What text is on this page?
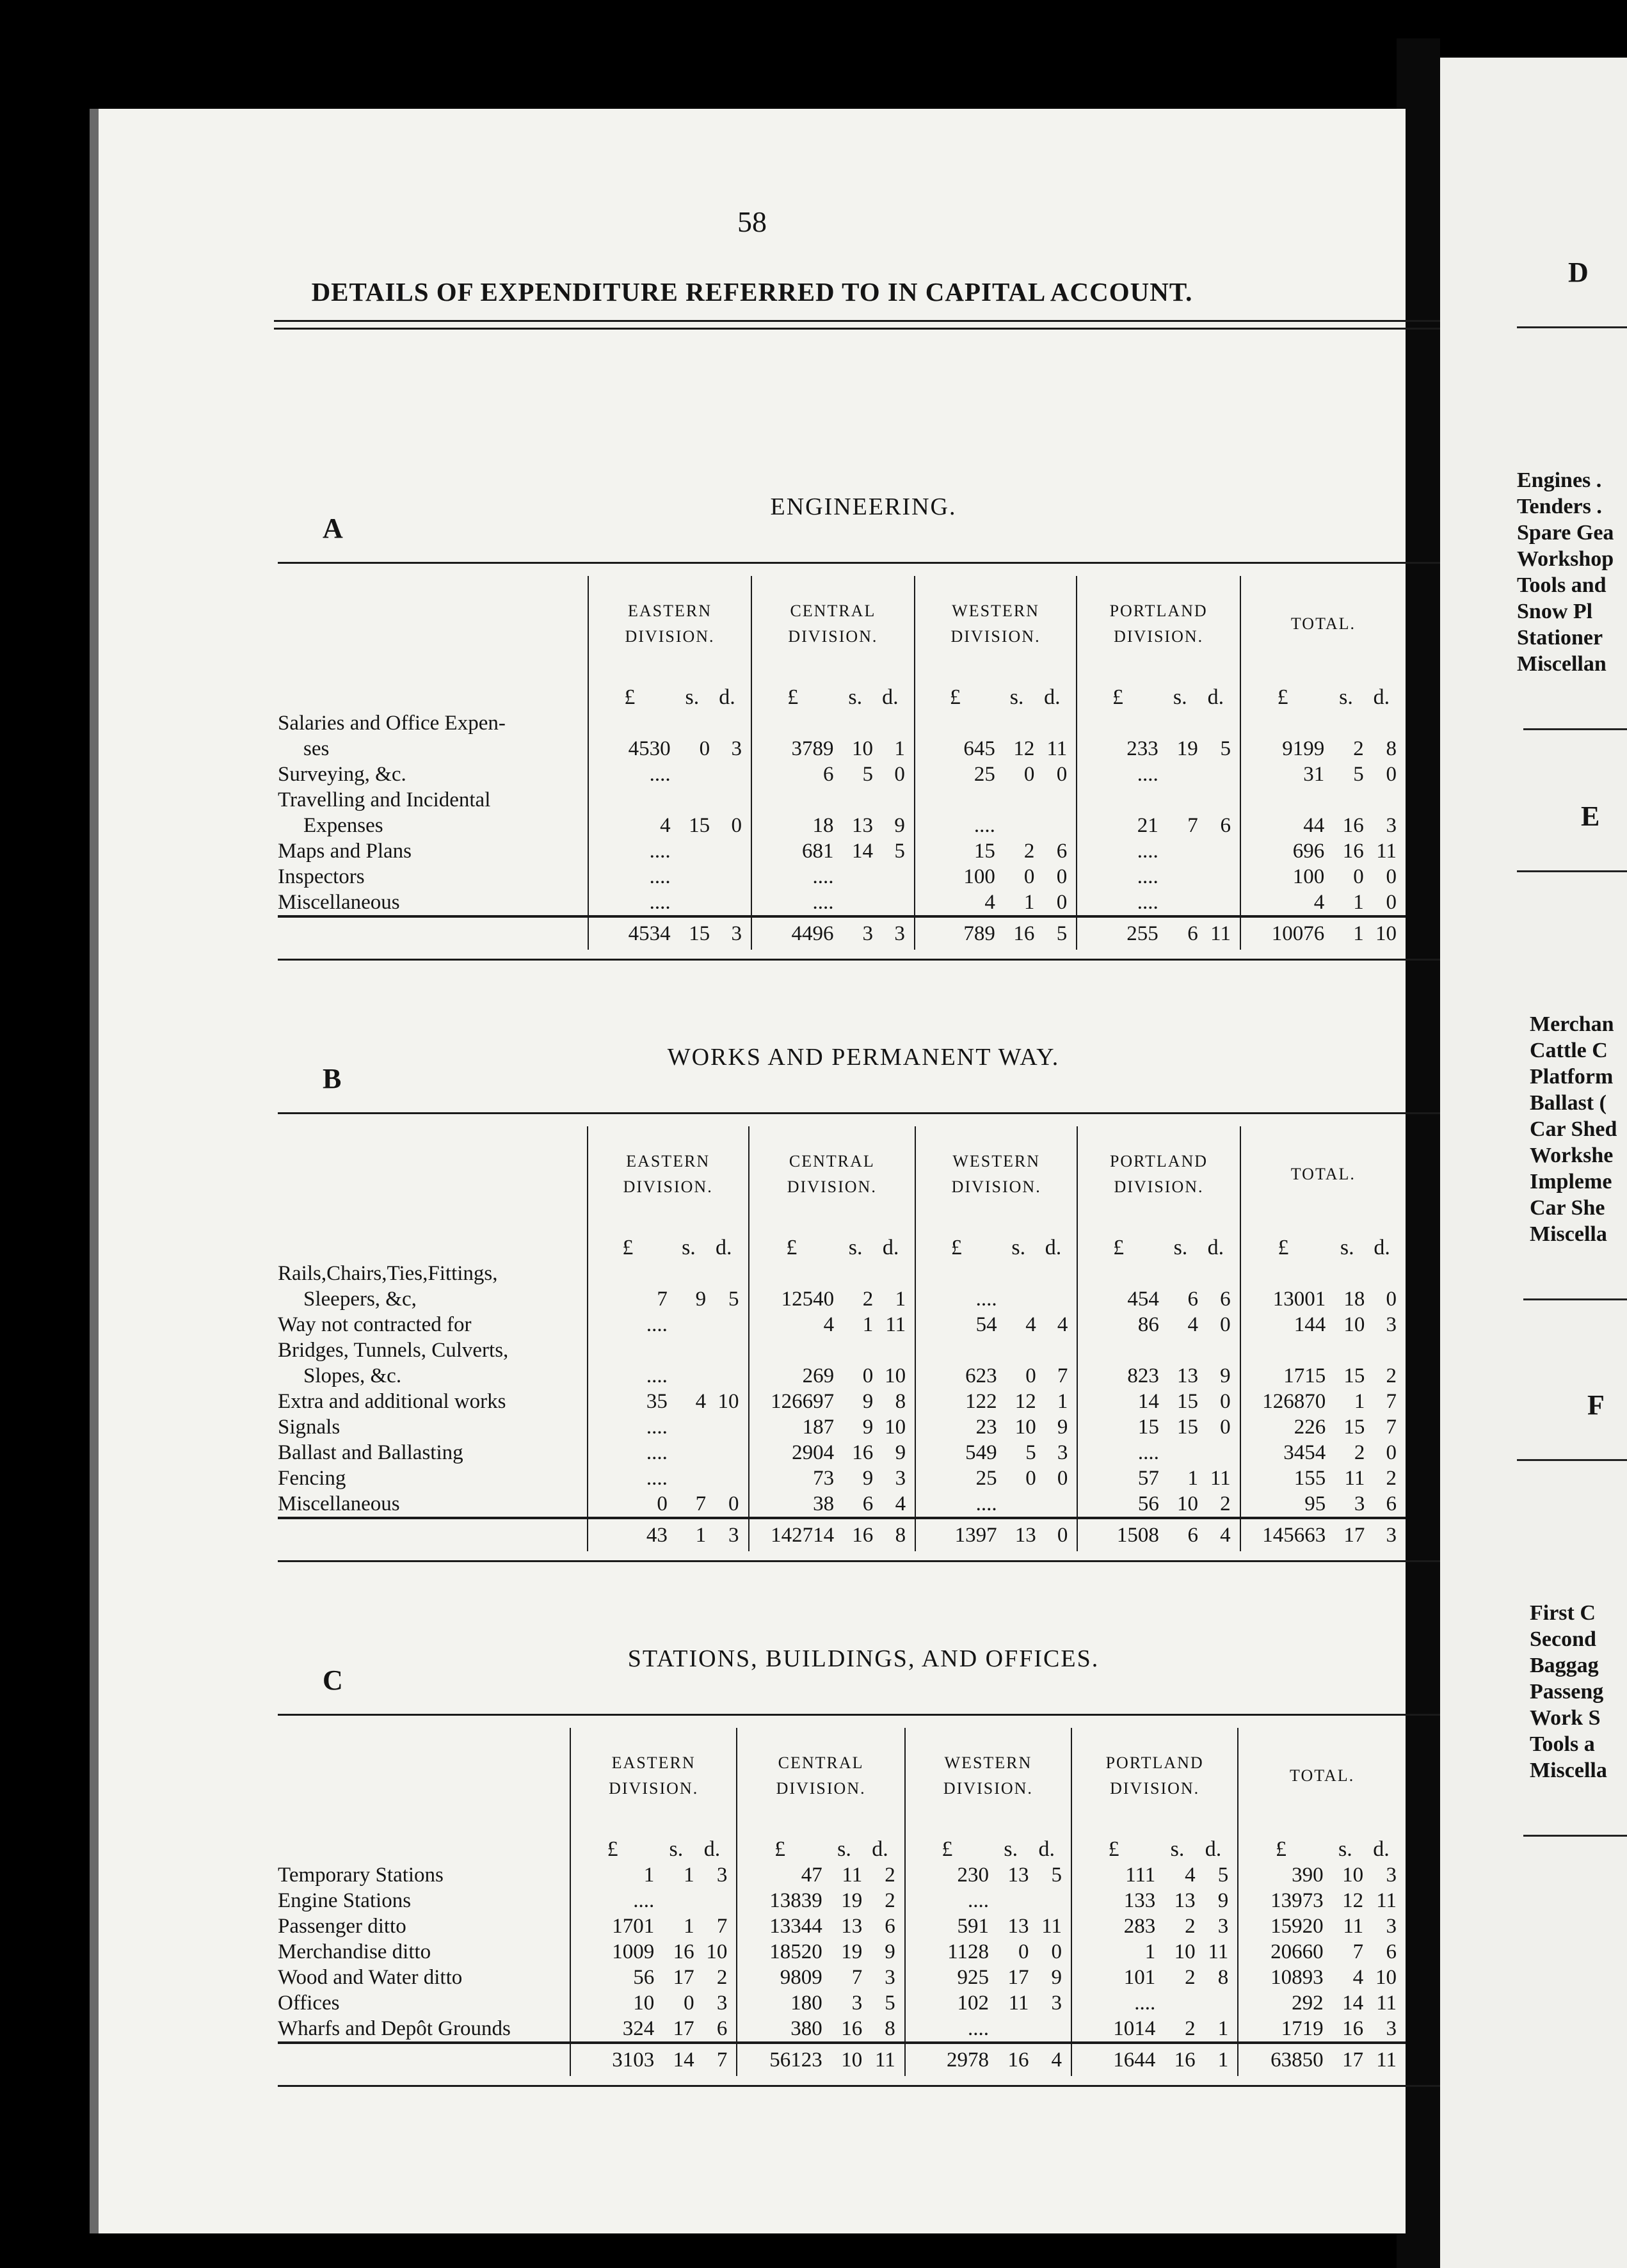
58
DETAILS OF EXPENDITURE REFERRED TO IN CAPITAL ACCOUNT.
A
ENGINEERING.
	EASTERN DIVISION.			CENTRAL DIVISION.			WESTERN DIVISION.			PORTLAND DIVISION.			TOTAL.		
	£	s.	d.	£	s.	d.	£	s.	d.	£	s.	d.	£	s.	d.
Salaries and Office Expen-															
ses	4530	0	3	3789	10	1	645	12	11	233	19	5	9199	2	8
Surveying, &c.	....			6	5	0	25	0	0	....			31	5	0
Travelling and Incidental															
Expenses	4	15	0	18	13	9	....			21	7	6	44	16	3
Maps and Plans	....			681	14	5	15	2	6	....			696	16	11
Inspectors	....			....			100	0	0	....			100	0	0
Miscellaneous	....			....			4	1	0	....			4	1	0
	4534	15	3	4496	3	3	789	16	5	255	6	11	10076	1	10
B
WORKS AND PERMANENT WAY.
	EASTERN DIVISION.			CENTRAL DIVISION.			WESTERN DIVISION.			PORTLAND DIVISION.			TOTAL.		
	£	s.	d.	£	s.	d.	£	s.	d.	£	s.	d.	£	s.	d.
Rails,Chairs,Ties,Fittings,															
Sleepers, &c,	7	9	5	12540	2	1	....			454	6	6	13001	18	0
Way not contracted for	....			4	1	11	54	4	4	86	4	0	144	10	3
Bridges, Tunnels, Culverts,															
Slopes, &c.	....			269	0	10	623	0	7	823	13	9	1715	15	2
Extra and additional works	35	4	10	126697	9	8	122	12	1	14	15	0	126870	1	7
Signals	....			187	9	10	23	10	9	15	15	0	226	15	7
Ballast and Ballasting	....			2904	16	9	549	5	3	....			3454	2	0
Fencing	....			73	9	3	25	0	0	57	1	11	155	11	2
Miscellaneous	0	7	0	38	6	4	....			56	10	2	95	3	6
	43	1	3	142714	16	8	1397	13	0	1508	6	4	145663	17	3
C
STATIONS, BUILDINGS, AND OFFICES.
	EASTERN DIVISION.			CENTRAL DIVISION.			WESTERN DIVISION.			PORTLAND DIVISION.			TOTAL.		
	£	s.	d.	£	s.	d.	£	s.	d.	£	s.	d.	£	s.	d.
Temporary Stations	1	1	3	47	11	2	230	13	5	111	4	5	390	10	3
Engine Stations	....			13839	19	2	....			133	13	9	13973	12	11
Passenger ditto	1701	1	7	13344	13	6	591	13	11	283	2	3	15920	11	3
Merchandise ditto	1009	16	10	18520	19	9	1128	0	0	1	10	11	20660	7	6
Wood and Water ditto	56	17	2	9809	7	3	925	17	9	101	2	8	10893	4	10
Offices	10	0	3	180	3	5	102	11	3	....			292	14	11
Wharfs and Depôt Grounds	324	17	6	380	16	8	....			1014	2	1	1719	16	3
	3103	14	7	56123	10	11	2978	16	4	1644	16	1	63850	17	11
D
Engines .
Tenders .
Spare Gea
Workshop
Tools and
Snow Pl
Stationer
Miscellan
E
Merchan
Cattle C
Platform
Ballast (
Car Shed
Workshe
Impleme
Car She
Miscella
F
First C
Second
Baggag
Passeng
Work S
Tools a
Miscella
